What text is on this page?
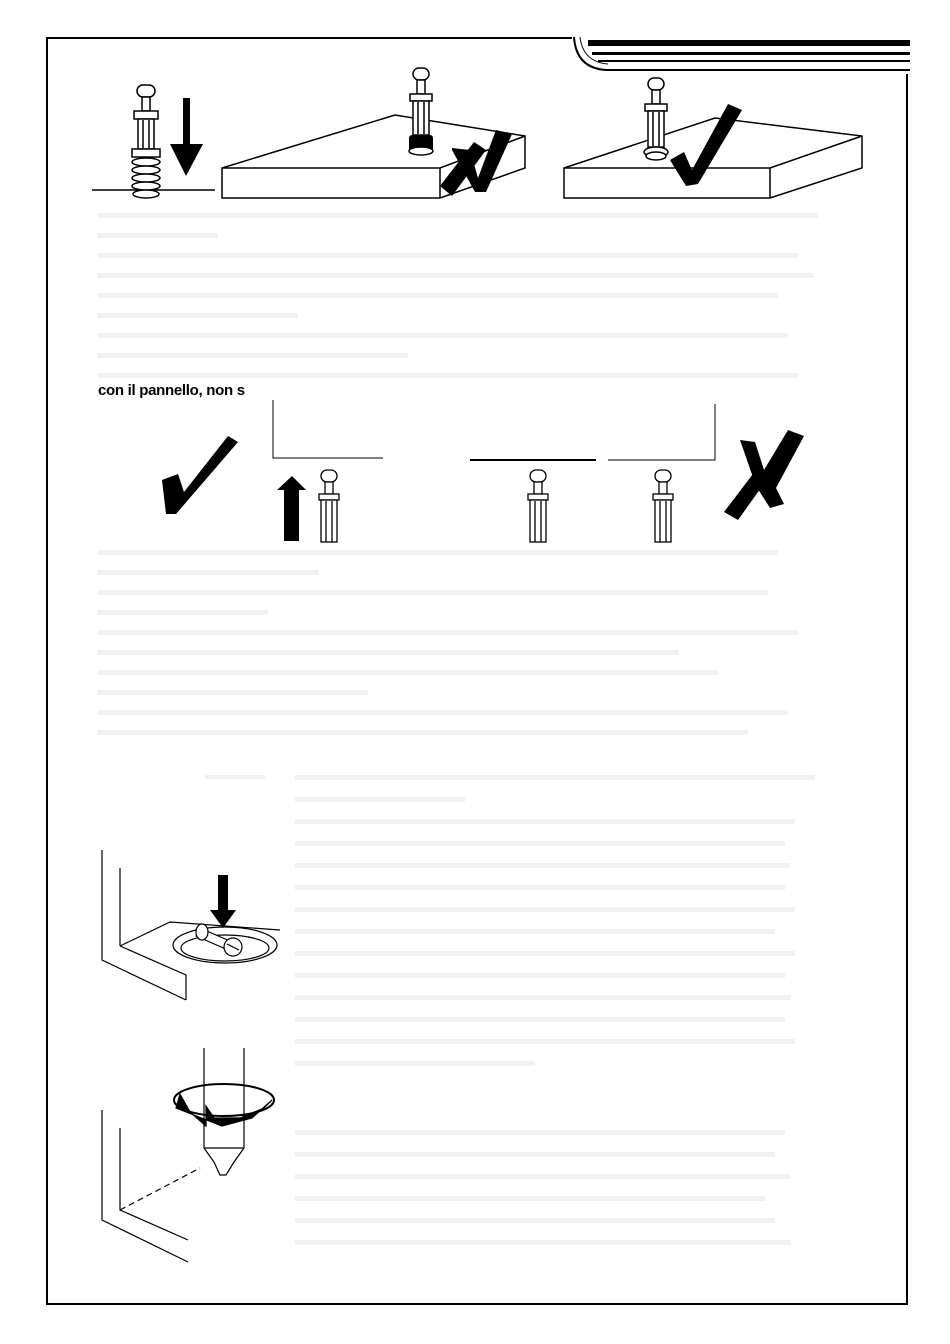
con il pannello, non s
